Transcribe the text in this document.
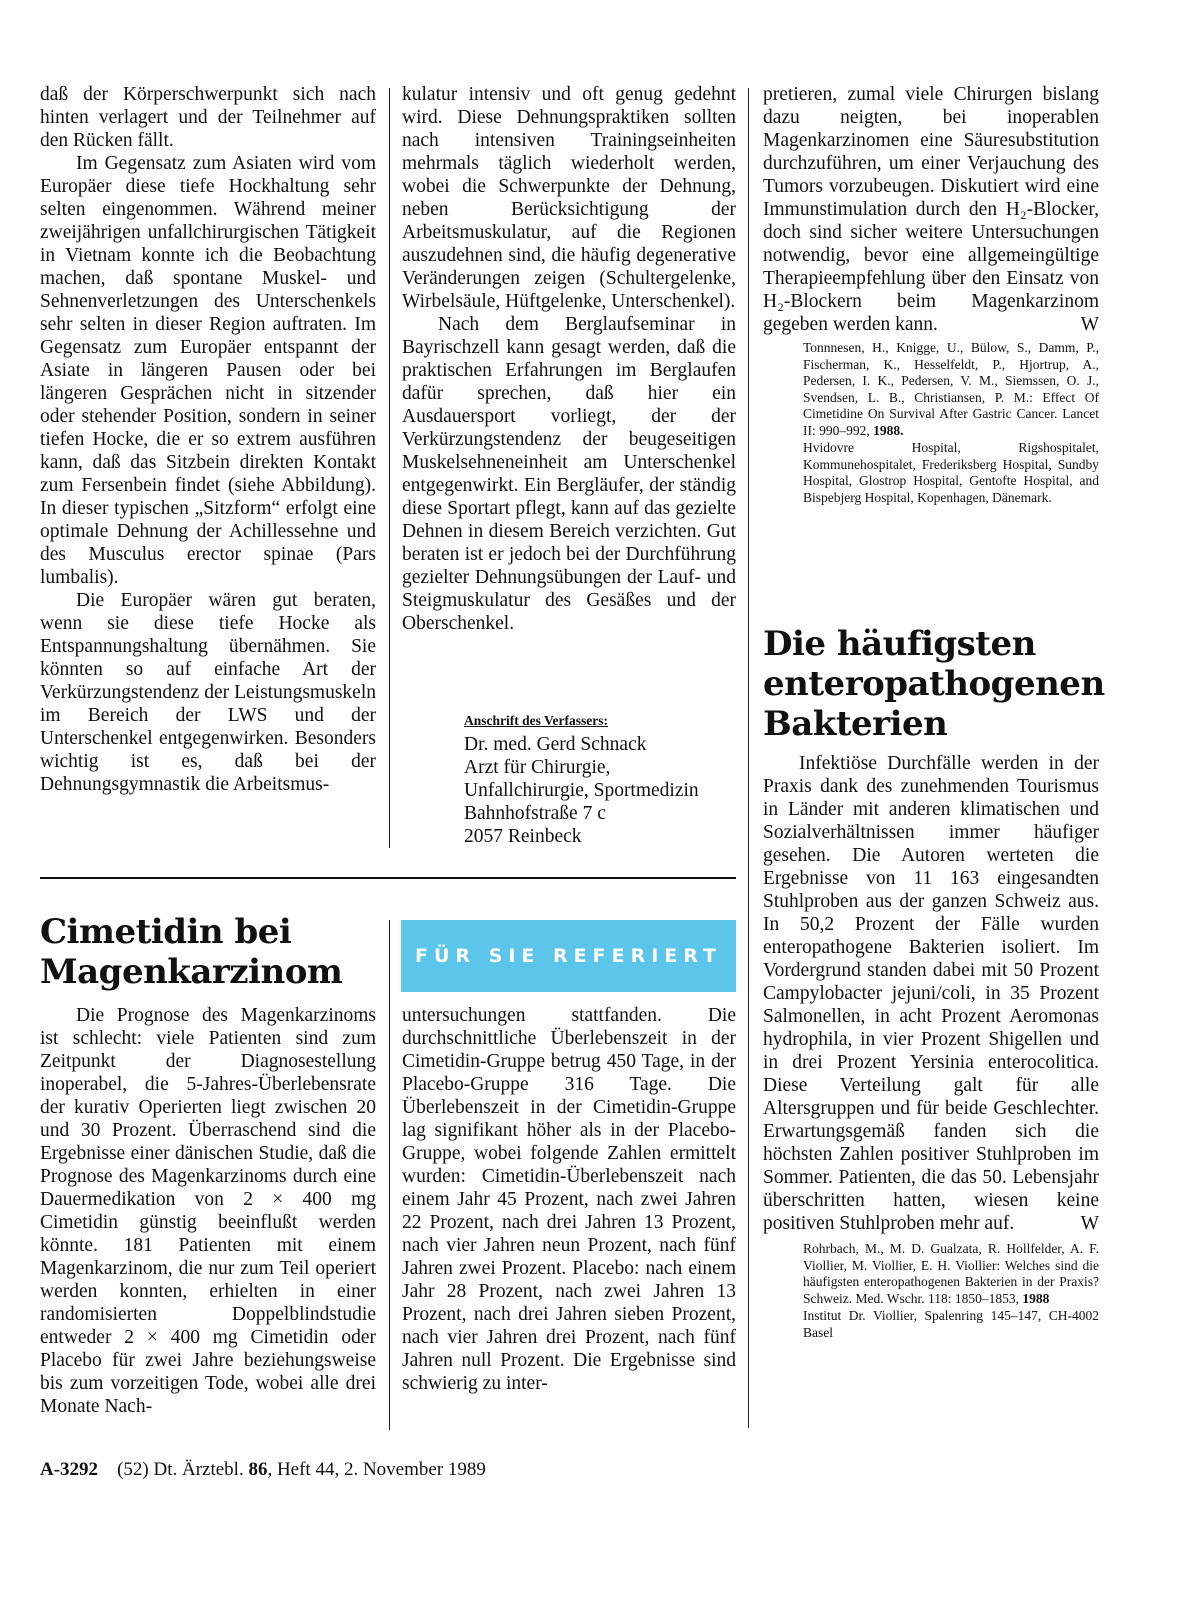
daß der Körperschwerpunkt sich nach hinten verlagert und der Teilnehmer auf den Rücken fällt.

Im Gegensatz zum Asiaten wird vom Europäer diese tiefe Hockhaltung sehr selten eingenommen. Während meiner zweijährigen unfallchirurgischen Tätigkeit in Vietnam konnte ich die Beobachtung machen, daß spontane Muskel- und Sehnenverletzungen des Unterschenkels sehr selten in dieser Region auftraten. Im Gegensatz zum Europäer entspannt der Asiate in längeren Pausen oder bei längeren Gesprächen nicht in sitzender oder stehender Position, sondern in seiner tiefen Hocke, die er so extrem ausführen kann, daß das Sitzbein direkten Kontakt zum Fersenbein findet (siehe Abbildung). In dieser typischen „Sitzform“ erfolgt eine optimale Dehnung der Achillessehne und des Musculus erector spinae (Pars lumbalis).

Die Europäer wären gut beraten, wenn sie diese tiefe Hocke als Entspannungshaltung übernähmen. Sie könnten so auf einfache Art der Verkürzungstendenz der Leistungsmuskeln im Bereich der LWS und der Unterschenkel entgegenwirken. Besonders wichtig ist es, daß bei der Dehnungsgymnastik die Arbeitsmus-

kulatur intensiv und oft genug gedehnt wird. Diese Dehnungspraktiken sollten nach intensiven Trainingseinheiten mehrmals täglich wiederholt werden, wobei die Schwerpunkte der Dehnung, neben Berücksichtigung der Arbeitsmuskulatur, auf die Regionen auszudehnen sind, die häufig degenerative Veränderungen zeigen (Schultergelenke, Wirbelsäule, Hüftgelenke, Unterschenkel).

Nach dem Berglaufseminar in Bayrischzell kann gesagt werden, daß die praktischen Erfahrungen im Berglaufen dafür sprechen, daß hier ein Ausdauersport vorliegt, der der Verkürzungstendenz der beugeseitigen Muskelsehneneinheit am Unterschenkel entgegenwirkt. Ein Bergläufer, der ständig diese Sportart pflegt, kann auf das gezielte Dehnen in diesem Bereich verzichten. Gut beraten ist er jedoch bei der Durchführung gezielter Dehnungsübungen der Lauf- und Steigmuskulatur des Gesäßes und der Oberschenkel.

Anschrift des Verfassers:

Dr. med. Gerd Schnack

Arzt für Chirurgie,

Unfallchirurgie, Sportmedizin

Bahnhofstraße 7 c

2057 Reinbeck

pretieren, zumal viele Chirurgen bislang dazu neigten, bei inoperablen Magenkarzinomen eine Säuresubstitution durchzuführen, um einer Verjauchung des Tumors vorzubeugen. Diskutiert wird eine Immunstimulation durch den H₂-Blocker, doch sind sicher weitere Untersuchungen notwendig, bevor eine allgemeingültige Therapieempfehlung über den Einsatz von H₂-Blockern beim Magenkarzinom gegeben werden kann.	W

Tonnnesen, H., Knigge, U., Bülow, S., Damm, P., Fischerman, K., Hesselfeldt, P., Hjortrup, A., Pedersen, I. K., Pedersen, V. M., Siemssen, O. J., Svendsen, L. B., Christiansen, P. M.: Effect Of Cimetidine On Survival After Gastric Cancer. Lancet II: 990–992, 1988.

Hvidovre Hospital, Rigshospitalet, Kommunehospitalet, Frederiksberg Hospital, Sundby Hospital, Glostrop Hospital, Gentofte Hospital, and Bispebjerg Hospital, Kopenhagen, Dänemark.

Die häufigsten
enteropathogenen
Bakterien

Infektiöse Durchfälle werden in der Praxis dank des zunehmenden Tourismus in Länder mit anderen klimatischen und Sozialverhältnissen immer häufiger gesehen. Die Autoren werteten die Ergebnisse von 11 163 eingesandten Stuhlproben aus der ganzen Schweiz aus. In 50,2 Prozent der Fälle wurden enteropathogene Bakterien isoliert. Im Vordergrund standen dabei mit 50 Prozent Campylobacter jejuni/coli, in 35 Prozent Salmonellen, in acht Prozent Aeromonas hydrophila, in vier Prozent Shigellen und in drei Prozent Yersinia enterocolitica. Diese Verteilung galt für alle Altersgruppen und für beide Geschlechter. Erwartungsgemäß fanden sich die höchsten Zahlen positiver Stuhlproben im Sommer. Patienten, die das 50. Lebensjahr überschritten hatten, wiesen keine positiven Stuhlproben mehr auf.	W

Rohrbach, M., M. D. Gualzata, R. Hollfelder, A. F. Viollier, M. Viollier, E. H. Viollier: Welches sind die häufigsten enteropathogenen Bakterien in der Praxis? Schweiz. Med. Wschr. 118: 1850–1853, 1988

Institut Dr. Viollier, Spalenring 145–147, CH-4002 Basel

Cimetidin bei
Magenkarzinom

Die Prognose des Magenkarzinoms ist schlecht: viele Patienten sind zum Zeitpunkt der Diagnosestellung inoperabel, die 5-Jahres-Überlebensrate der kurativ Operierten liegt zwischen 20 und 30 Prozent. Überraschend sind die Ergebnisse einer dänischen Studie, daß die Prognose des Magenkarzinoms durch eine Dauermedikation von 2 × 400 mg Cimetidin günstig beeinflußt werden könnte. 181 Patienten mit einem Magenkarzinom, die nur zum Teil operiert werden konnten, erhielten in einer randomisierten Doppelblindstudie entweder 2 × 400 mg Cimetidin oder Placebo für zwei Jahre beziehungsweise bis zum vorzeitigen Tode, wobei alle drei Monate Nach-

FÜR SIE REFERIERT

untersuchungen stattfanden. Die durchschnittliche Überlebenszeit in der Cimetidin-Gruppe betrug 450 Tage, in der Placebo-Gruppe 316 Tage. Die Überlebenszeit in der Cimetidin-Gruppe lag signifikant höher als in der Placebo-Gruppe, wobei folgende Zahlen ermittelt wurden: Cimetidin-Überlebenszeit nach einem Jahr 45 Prozent, nach zwei Jahren 22 Prozent, nach drei Jahren 13 Prozent, nach vier Jahren neun Prozent, nach fünf Jahren zwei Prozent. Placebo: nach einem Jahr 28 Prozent, nach zwei Jahren 13 Prozent, nach drei Jahren sieben Prozent, nach vier Jahren drei Prozent, nach fünf Jahren null Prozent. Die Ergebnisse sind schwierig zu inter-

A-3292 (52) Dt. Ärztebl. 86, Heft 44, 2. November 1989
